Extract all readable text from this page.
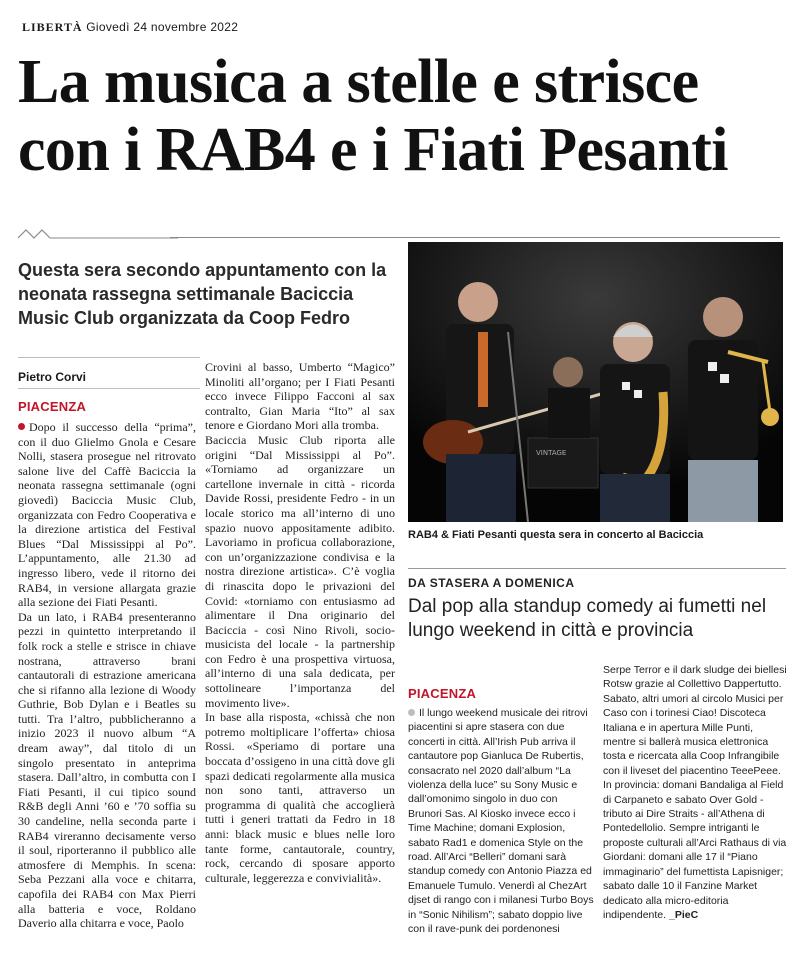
LIBERTÀ Giovedì 24 novembre 2022
La musica a stelle e strisce
con i RAB4 e i Fiati Pesanti
Questa sera secondo appuntamento con la neonata rassegna settimanale Baciccia Music Club organizzata da Coop Fedro
Pietro Corvi
PIACENZA

Dopo il successo della “prima”, con il duo Glielmo Gnola e Cesare Nolli, stasera prosegue nel ritrovato salone live del Caffè Baciccia la neonata rassegna settimanale (ogni giovedì) Baciccia Music Club, organizzata con Fedro Cooperativa e la direzione artistica del Festival Blues “Dal Mississippi al Po”. L’appuntamento, alle 21.30 ad ingresso libero, vede il ritorno dei RAB4, in versione allargata grazie alla sezione dei Fiati Pesanti.

Da un lato, i RAB4 presenteranno pezzi in quintetto interpretando il folk rock a stelle e strisce in chiave nostrana, attraverso brani cantautorali di estrazione americana che si rifanno alla lezione di Woody Guthrie, Bob Dylan e i Beatles su tutti. Tra l’altro, pubblicheranno a inizio 2023 il nuovo album “A dream away”, dal titolo di un singolo presentato in anteprima stasera. Dall’altro, in combutta con I Fiati Pesanti, il cui tipico sound R&B degli Anni ’60 e ’70 soffia su 30 candeline, nella seconda parte i RAB4 vireranno decisamente verso il soul, riporteranno il pubblico alle atmosfere di Memphis. In scena: Seba Pezzani alla voce e chitarra, capofila dei RAB4 con Max Pierri alla batteria e voce, Roldano Daverio alla chitarra e voce, Paolo

Crovini al basso, Umberto “Magico” Minoliti all’organo; per I Fiati Pesanti ecco invece Filippo Facconi al sax contralto, Gian Maria “Ito” al sax tenore e Giordano Mori alla tromba.

Baciccia Music Club riporta alle origini “Dal Mississippi al Po”. «Torniamo ad organizzare un cartellone invernale in città - ricorda Davide Rossi, presidente Fedro - in un locale storico ma all’interno di uno spazio nuovo appositamente adibito. Lavoriamo in proficua collaborazione, con un’organizzazione condivisa e la nostra direzione artistica». C’è voglia di rinascita dopo le privazioni del Covid: «torniamo con entusiasmo ad alimentare il Dna originario del Baciccia - così Nino Rivoli, socio-musicista del locale - la partnership con Fedro è una prospettiva virtuosa, all’interno di una sala dedicata, per sottolineare l’importanza del movimento live».

In base alla risposta, «chissà che non potremo moltiplicare l’offerta» chiosa Rossi. «Speriamo di portare una boccata d’ossigeno in una città dove gli spazi dedicati regolarmente alla musica non sono tanti, attraverso un programma di qualità che accoglierà tutti i generi trattati da Fedro in 18 anni: black music e blues nelle loro tante forme, cantautorale, country, rock, cercando di sposare apporto culturale, leggerezza e convivialità».

VINTAGE
RAB4 & Fiati Pesanti questa sera in concerto al Baciccia
DA STASERA A DOMENICA
Dal pop alla standup comedy ai fumetti nel lungo weekend in città e provincia
PIACENZA
Il lungo weekend musicale dei ritrovi piacentini si apre stasera con due concerti in città. All’Irish Pub arriva il cantautore pop Gianluca De Rubertis, consacrato nel 2020 dall’album “La violenza della luce” su Sony Music e dall’omonimo singolo in duo con Brunori Sas. Al Kiosko invece ecco i Time Machine; domani Explosion, sabato Rad1 e domenica Style on the road. All’Arci “Belleri” domani sarà standup comedy con Antonio Piazza ed Emanuele Tumulo. Venerdì al ChezArt djset di rango con i milanesi Turbo Boys in “Sonic Nihilism”; sabato doppio live con il rave-punk dei pordenonesi
Serpe Terror e il dark sludge dei biellesi Rotsw grazie al Collettivo Dappertutto. Sabato, altri umori al circolo Musici per Caso con i torinesi Ciao! Discoteca Italiana e in apertura Mille Punti, mentre si ballerà musica elettronica tosta e ricercata alla Coop Infrangibile con il liveset del piacentino TeeePeee. In provincia: domani Bandaliga al Field di Carpaneto e sabato Over Gold - tributo ai Dire Straits - all’Athena di Pontedellolio. Sempre intriganti le proposte culturali all’Arci Rathaus di via Giordani: domani alle 17 il “Piano immaginario” del fumettista Lapisniger; sabato dalle 10 il Fanzine Market dedicato alla micro-editoria indipendente. _PieC
